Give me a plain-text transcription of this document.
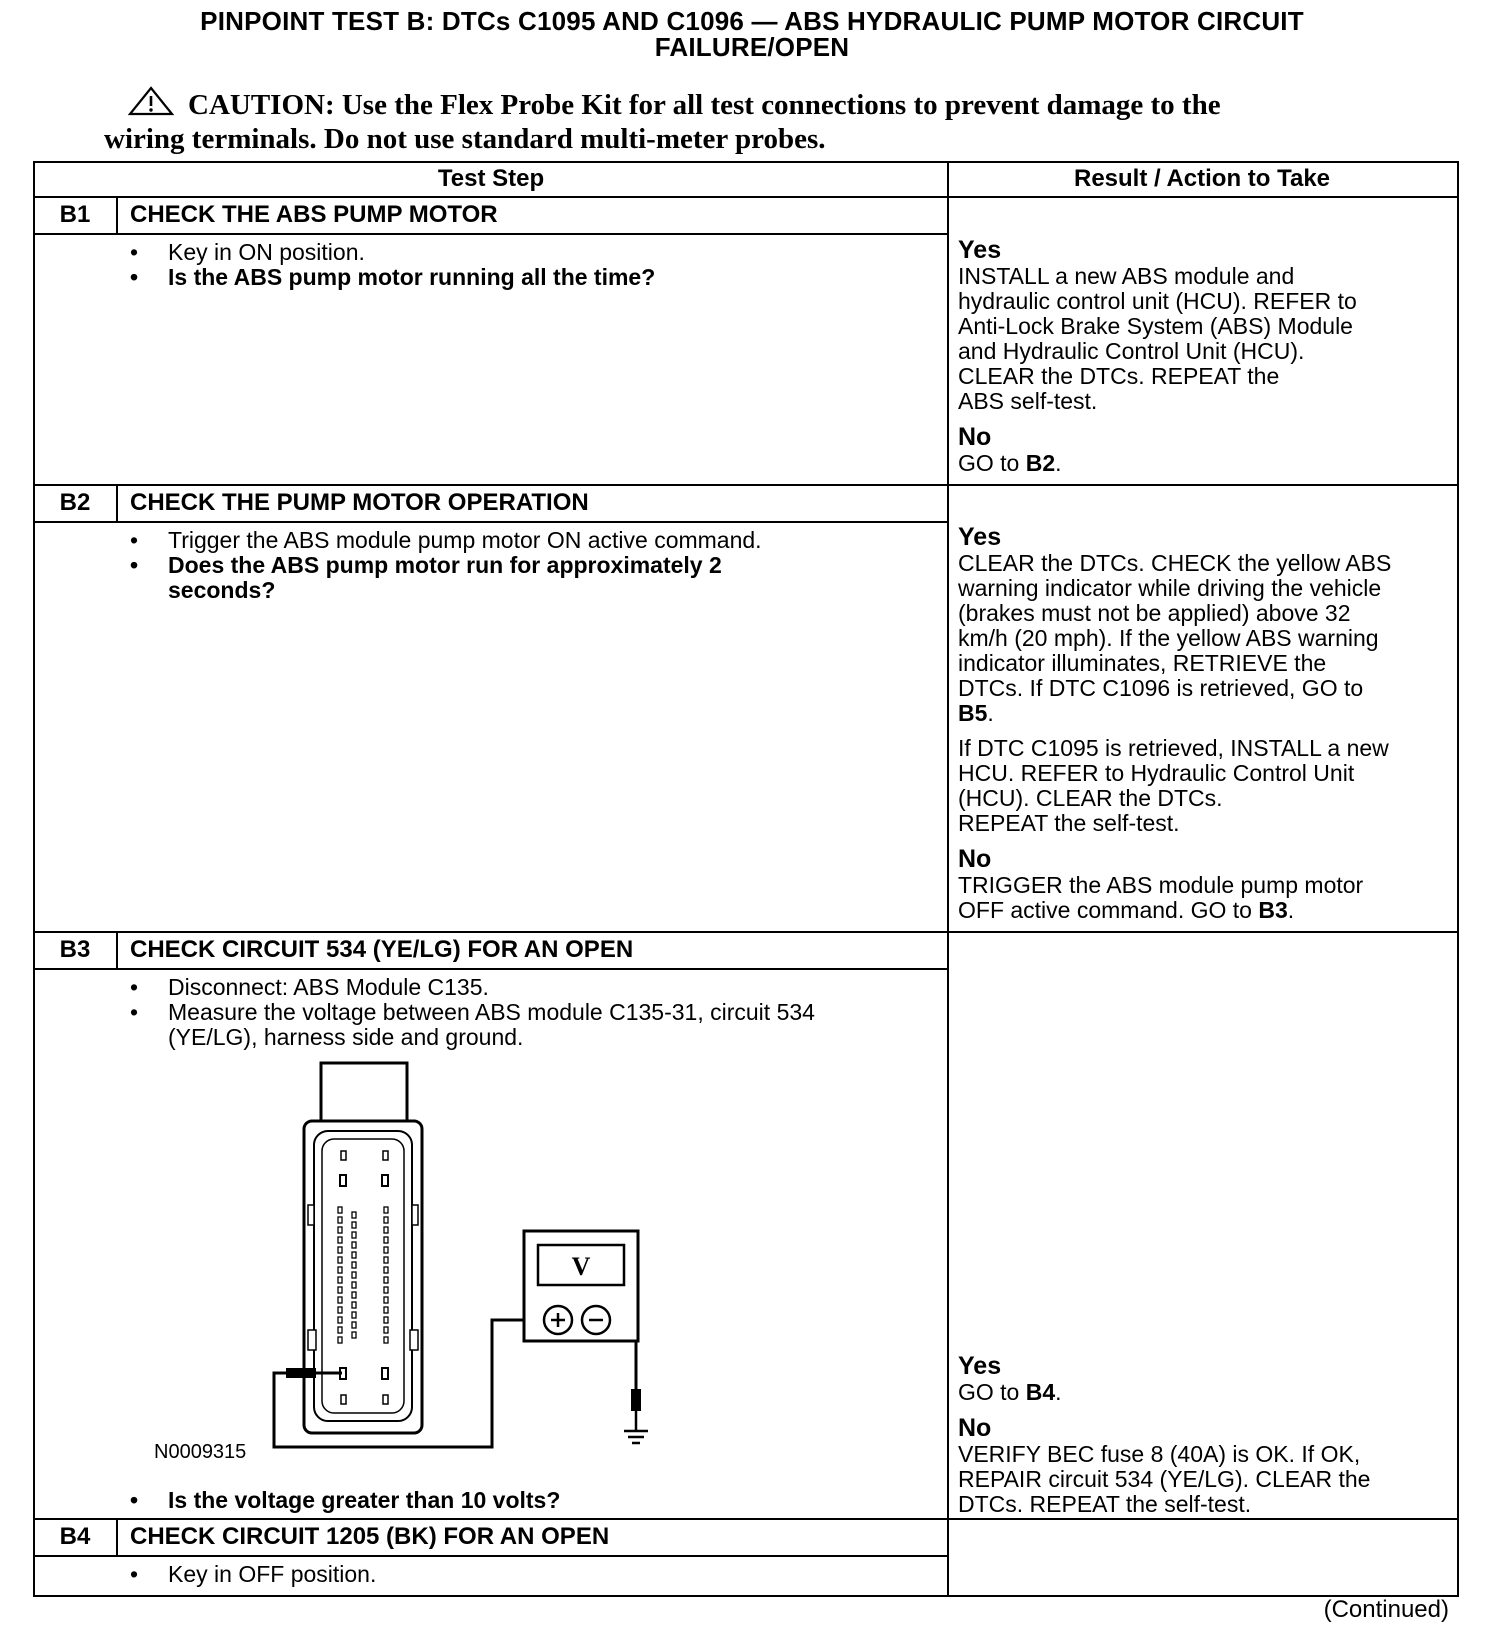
PINPOINT TEST B: DTCs C1095 AND C1096 — ABS HYDRAULIC PUMP MOTOR CIRCUIT
FAILURE/OPEN
CAUTION: Use the Flex Probe Kit for all test connections to prevent damage to the
wiring terminals. Do not use standard multi-meter probes.
Test Step	Result / Action to Take
B1	CHECK THE ABS PUMP MOTOR
• Key in ON position.
• Is the ABS pump motor running all the time?
Yes

INSTALL a new ABS module and
hydraulic control unit (HCU). REFER to
Anti-Lock Brake System (ABS) Module
and Hydraulic Control Unit (HCU).
CLEAR the DTCs. REPEAT the
ABS self-test.

No
GO to B2.
B2	CHECK THE PUMP MOTOR OPERATION
• Trigger the ABS module pump motor ON active command.
• Does the ABS pump motor run for approximately 2
seconds?
Yes

CLEAR the DTCs. CHECK the yellow ABS
warning indicator while driving the vehicle
(brakes must not be applied) above 32
km/h (20 mph). If the yellow ABS warning
indicator illuminates, RETRIEVE the
DTCs. If DTC C1096 is retrieved, GO to
B5.

If DTC C1095 is retrieved, INSTALL a new
HCU. REFER to Hydraulic Control Unit
(HCU). CLEAR the DTCs.
REPEAT the self-test.

No
TRIGGER the ABS module pump motor
OFF active command. GO to B3.
B3	CHECK CIRCUIT 534 (YE/LG) FOR AN OPEN
• Disconnect: ABS Module C135.
• Measure the voltage between ABS module C135-31, circuit 534
(YE/LG), harness side and ground.
V
N0009315
• Is the voltage greater than 10 volts?
Yes
GO to B4.
No
VERIFY BEC fuse 8 (40A) is OK. If OK,
REPAIR circuit 534 (YE/LG). CLEAR the
DTCs. REPEAT the self-test.
B4	CHECK CIRCUIT 1205 (BK) FOR AN OPEN
• Key in OFF position.
(Continued)
